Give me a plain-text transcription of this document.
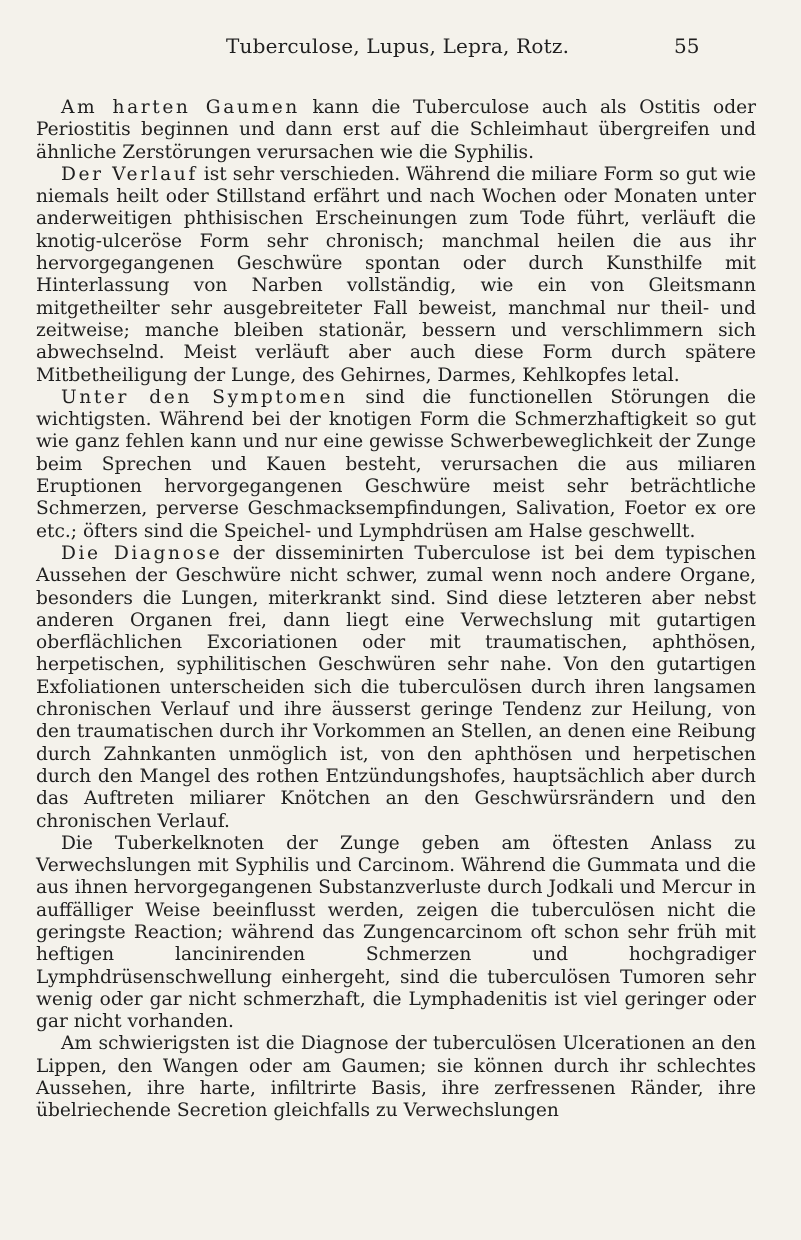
Tuberculose, Lupus, Lepra, Rotz.	55

Am harten Gaumen kann die Tuberculose auch als Ostitis oder Periostitis beginnen und dann erst auf die Schleimhaut übergreifen und ähnliche Zerstörungen verursachen wie die Syphilis.

Der Verlauf ist sehr verschieden. Während die miliare Form so gut wie niemals heilt oder Stillstand erfährt und nach Wochen oder Monaten unter anderweitigen phthisischen Erscheinungen zum Tode führt, verläuft die knotig-ulceröse Form sehr chronisch; manchmal heilen die aus ihr hervorgegangenen Geschwüre spontan oder durch Kunsthilfe mit Hinterlassung von Narben vollständig, wie ein von Gleitsmann mitgetheilter sehr ausgebreiteter Fall beweist, manchmal nur theil- und zeitweise; manche bleiben stationär, bessern und verschlimmern sich abwechselnd. Meist verläuft aber auch diese Form durch spätere Mitbetheiligung der Lunge, des Gehirnes, Darmes, Kehlkopfes letal.

Unter den Symptomen sind die functionellen Störungen die wichtigsten. Während bei der knotigen Form die Schmerzhaftigkeit so gut wie ganz fehlen kann und nur eine gewisse Schwerbeweglichkeit der Zunge beim Sprechen und Kauen besteht, verursachen die aus miliaren Eruptionen hervorgegangenen Geschwüre meist sehr beträchtliche Schmerzen, perverse Geschmacksempfindungen, Salivation, Foetor ex ore etc.; öfters sind die Speichel- und Lymphdrüsen am Halse geschwellt.

Die Diagnose der disseminirten Tuberculose ist bei dem typischen Aussehen der Geschwüre nicht schwer, zumal wenn noch andere Organe, besonders die Lungen, miterkrankt sind. Sind diese letzteren aber nebst anderen Organen frei, dann liegt eine Verwechslung mit gutartigen oberflächlichen Excoriationen oder mit traumatischen, aphthösen, herpetischen, syphilitischen Geschwüren sehr nahe. Von den gutartigen Exfoliationen unterscheiden sich die tuberculösen durch ihren langsamen chronischen Verlauf und ihre äusserst geringe Tendenz zur Heilung, von den traumatischen durch ihr Vorkommen an Stellen, an denen eine Reibung durch Zahnkanten unmöglich ist, von den aphthösen und herpetischen durch den Mangel des rothen Entzündungshofes, hauptsächlich aber durch das Auftreten miliarer Knötchen an den Geschwürsrändern und den chronischen Verlauf.

Die Tuberkelknoten der Zunge geben am öftesten Anlass zu Verwechslungen mit Syphilis und Carcinom. Während die Gummata und die aus ihnen hervorgegangenen Substanzverluste durch Jodkali und Mercur in auffälliger Weise beeinflusst werden, zeigen die tuberculösen nicht die geringste Reaction; während das Zungencarcinom oft schon sehr früh mit heftigen lancinirenden Schmerzen und hochgradiger Lymphdrüsenschwellung einhergeht, sind die tuberculösen Tumoren sehr wenig oder gar nicht schmerzhaft, die Lymphadenitis ist viel geringer oder gar nicht vorhanden.

Am schwierigsten ist die Diagnose der tuberculösen Ulcerationen an den Lippen, den Wangen oder am Gaumen; sie können durch ihr schlechtes Aussehen, ihre harte, infiltrirte Basis, ihre zerfressenen Ränder, ihre übelriechende Secretion gleichfalls zu Verwechslungen
